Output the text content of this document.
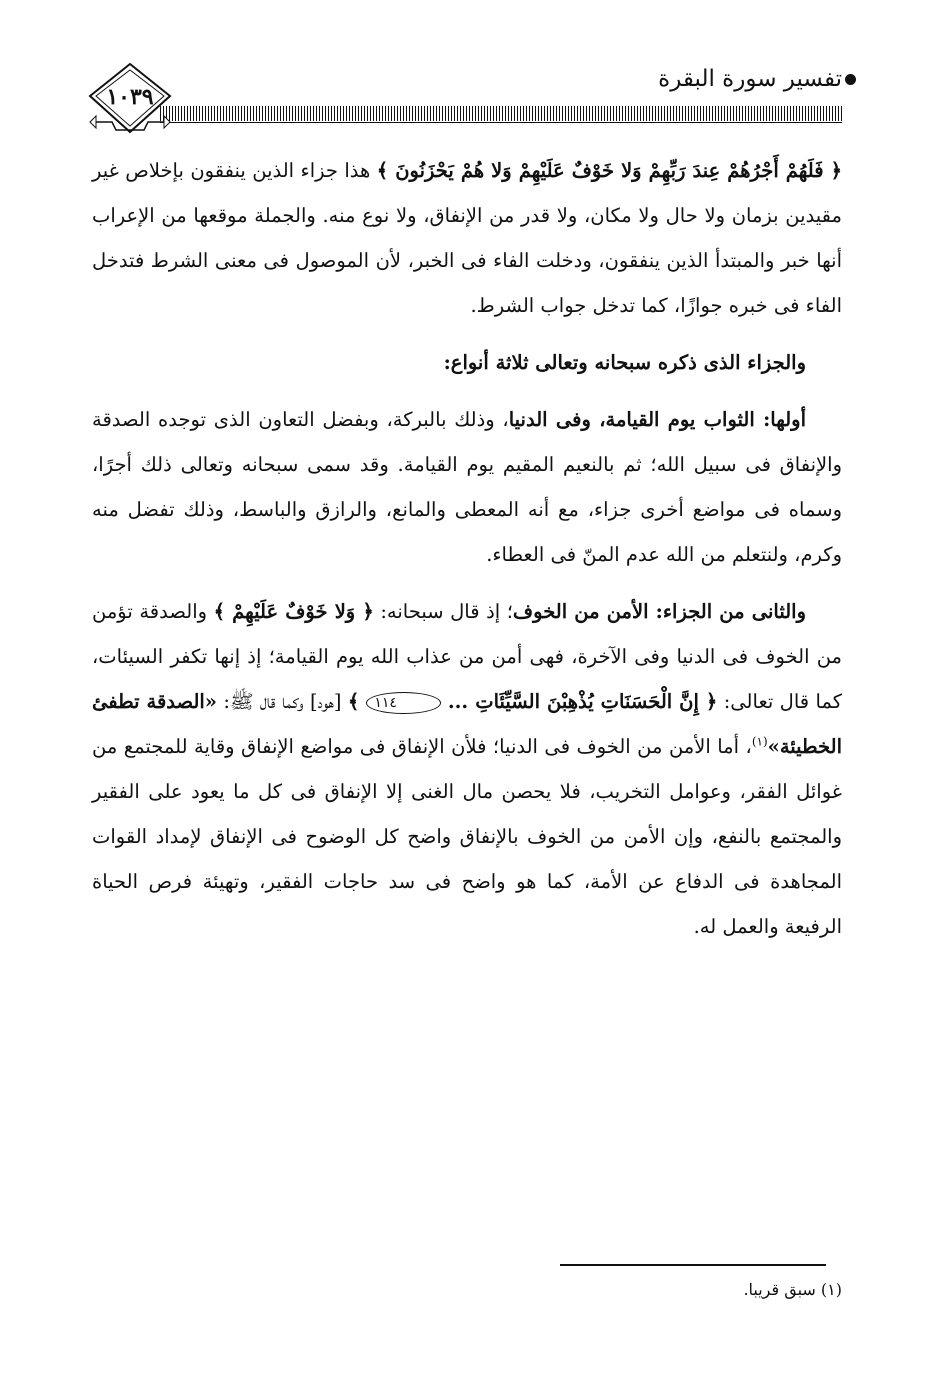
تفسير سورة البقرة
١٠٣٩

﴿ فَلَهُمْ أَجْرُهُمْ عِندَ رَبِّهِمْ وَلا خَوْفٌ عَلَيْهِمْ وَلا هُمْ يَحْزَنُونَ ﴾ هذا جزاء الذين ينفقون بإخلاص غير مقيدين بزمان ولا حال ولا مكان، ولا قدر من الإنفاق، ولا نوع منه. والجملة موقعها من الإعراب أنها خبر والمبتدأ الذين ينفقون، ودخلت الفاء فى الخبر، لأن الموصول فى معنى الشرط فتدخل الفاء فى خبره جوازًا، كما تدخل جواب الشرط.

والجزاء الذى ذكره سبحانه وتعالى ثلاثة أنواع:

أولها: الثواب يوم القيامة، وفى الدنيا، وذلك بالبركة، وبفضل التعاون الذى توجده الصدقة والإنفاق فى سبيل الله؛ ثم بالنعيم المقيم يوم القيامة. وقد سمى سبحانه وتعالى ذلك أجرًا، وسماه فى مواضع أخرى جزاء، مع أنه المعطى والمانع، والرازق والباسط، وذلك تفضل منه وكرم، ولنتعلم من الله عدم المنّ فى العطاء.

والثانى من الجزاء: الأمن من الخوف؛ إذ قال سبحانه: ﴿ وَلا خَوْفٌ عَلَيْهِمْ ﴾ والصدقة تؤمن من الخوف فى الدنيا وفى الآخرة، فهى أمن من عذاب الله يوم القيامة؛ إذ إنها تكفر السيئات، كما قال تعالى: ﴿ إِنَّ الْحَسَنَاتِ يُذْهِبْنَ السَّيِّئَاتِ ... ١١٤ ﴾ [هود] وكما قال ﷺ: «الصدقة تطفئ الخطيئة»$^{(١)}$، أما الأمن من الخوف فى الدنيا؛ فلأن الإنفاق فى مواضع الإنفاق وقاية للمجتمع من غوائل الفقر، وعوامل التخريب، فلا يحصن مال الغنى إلا الإنفاق فى كل ما يعود على الفقير والمجتمع بالنفع، وإن الأمن من الخوف بالإنفاق واضح كل الوضوح فى الإنفاق لإمداد القوات المجاهدة فى الدفاع عن الأمة، كما هو واضح فى سد حاجات الفقير، وتهيئة فرص الحياة الرفيعة والعمل له.

(١) سبق قريبا.
